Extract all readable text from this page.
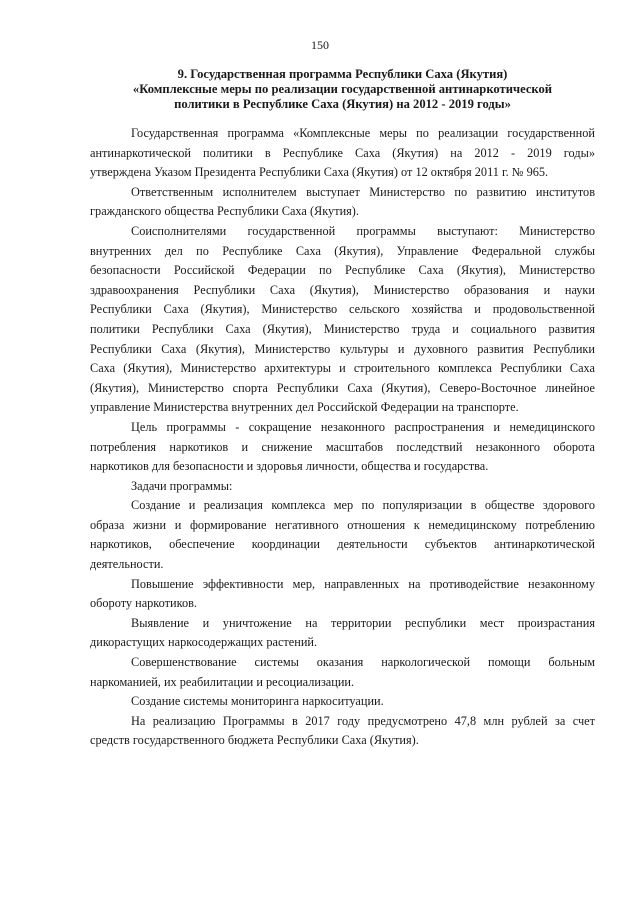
150
9. Государственная программа Республики Саха (Якутия)
«Комплексные меры по реализации государственной антинаркотической
политики в Республике Саха (Якутия) на 2012 - 2019 годы»

Государственная программа «Комплексные меры по реализации государственной
антинаркотической политики в Республике Саха (Якутия) на 2012 - 2019 годы»
утверждена Указом Президента Республики Саха (Якутия) от 12 октября 2011 г. № 965.

Ответственным исполнителем выступает Министерство по развитию институтов
гражданского общества Республики Саха (Якутия).

Соисполнителями государственной программы выступают: Министерство
внутренних дел по Республике Саха (Якутия), Управление Федеральной службы
безопасности Российской Федерации по Республике Саха (Якутия), Министерство
здравоохранения Республики Саха (Якутия), Министерство образования и науки
Республики Саха (Якутия), Министерство сельского хозяйства и продовольственной
политики Республики Саха (Якутия), Министерство труда и социального развития
Республики Саха (Якутия), Министерство культуры и духовного развития Республики
Саха (Якутия), Министерство архитектуры и строительного комплекса Республики Саха
(Якутия), Министерство спорта Республики Саха (Якутия), Северо-Восточное линейное
управление Министерства внутренних дел Российской Федерации на транспорте.

Цель программы - сокращение незаконного распространения и немедицинского
потребления наркотиков и снижение масштабов последствий незаконного оборота
наркотиков для безопасности и здоровья личности, общества и государства.

Задачи программы:

Создание и реализация комплекса мер по популяризации в обществе здорового
образа жизни и формирование негативного отношения к немедицинскому потреблению
наркотиков, обеспечение координации деятельности субъектов антинаркотической
деятельности.

Повышение эффективности мер, направленных на противодействие незаконному
обороту наркотиков.

Выявление и уничтожение на территории республики мест произрастания
дикорастущих наркосодержащих растений.

Совершенствование системы оказания наркологической помощи больным
наркоманией, их реабилитации и ресоциализации.

Создание системы мониторинга наркоситуации.

На реализацию Программы в 2017 году предусмотрено 47,8 млн рублей за счет
средств государственного бюджета Республики Саха (Якутия).
